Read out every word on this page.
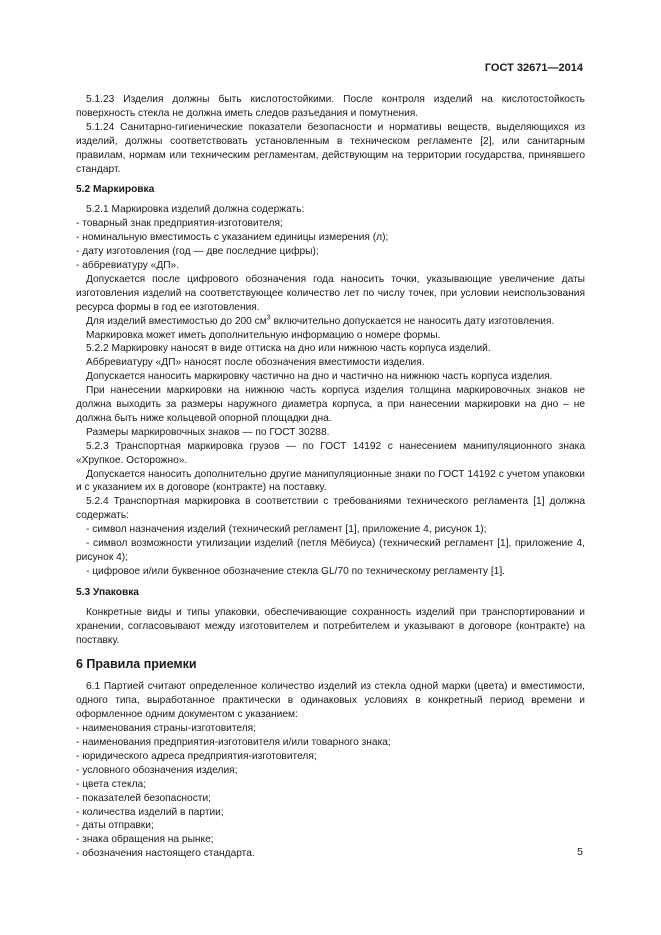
ГОСТ 32671—2014

5.1.23 Изделия должны быть кислотостойкими. После контроля изделий на кислотостойкость поверхность стекла не должна иметь следов разъедания и помутнения.

5.1.24 Санитарно-гигиенические показатели безопасности и нормативы веществ, выделяющихся из изделий, должны соответствовать установленным в техническом регламенте [2], или санитарным правилам, нормам или техническим регламентам, действующим на территории государства, принявшего стандарт.

5.2 Маркировка

5.2.1 Маркировка изделий должна содержать:

- товарный знак предприятия-изготовителя;

- номинальную вместимость с указанием единицы измерения (л);

- дату изготовления (год — две последние цифры);

- аббревиатуру «ДП».

Допускается после цифрового обозначения года наносить точки, указывающие увеличение даты изготовления изделий на соответствующее количество лет по числу точек, при условии неиспользования ресурса формы в год ее изготовления.

Для изделий вместимостью до 200 $см^3$ включительно допускается не наносить дату изготовления.

Маркировка может иметь дополнительную информацию о номере формы.

5.2.2 Маркировку наносят в виде оттиска на дно или нижнюю часть корпуса изделий.

Аббревиатуру «ДП» наносят после обозначения вместимости изделия.

Допускается наносить маркировку частично на дно и частично на нижнюю часть корпуса изделия.

При нанесении маркировки на нижнюю часть корпуса изделия толщина маркировочных знаков не должна выходить за размеры наружного диаметра корпуса, а при нанесении маркировки на дно – не должна быть ниже кольцевой опорной площадки дна.

Размеры маркировочных знаков — по ГОСТ 30288.

5.2.3 Транспортная маркировка грузов — по ГОСТ 14192 с нанесением манипуляционного знака «Хрупкое. Осторожно».

Допускается наносить дополнительно другие манипуляционные знаки по ГОСТ 14192 с учетом упаковки и с указанием их в договоре (контракте) на поставку.

5.2.4 Транспортная маркировка в соответствии с требованиями технического регламента [1] должна содержать:

- символ назначения изделий (технический регламент [1], приложение 4, рисунок 1);

- символ возможности утилизации изделий (петля Мёбиуса) (технический регламент [1], приложение 4, рисунок 4);

- цифровое и/или буквенное обозначение стекла GL/70 по техническому регламенту [1].

5.3 Упаковка

Конкретные виды и типы упаковки, обеспечивающие сохранность изделий при транспортировании и хранении, согласовывают между изготовителем и потребителем и указывают в договоре (контракте) на поставку.

6 Правила приемки

6.1 Партией считают определенное количество изделий из стекла одной марки (цвета) и вместимости, одного типа, выработанное практически в одинаковых условиях в конкретный период времени и оформленное одним документом с указанием:

- наименования страны-изготовителя;

- наименования предприятия-изготовителя и/или товарного знака;

- юридического адреса предприятия-изготовителя;

- условного обозначения изделия;

- цвета стекла;

- показателей безопасности;

- количества изделий в партии;

- даты отправки;

- знака обращения на рынке;

- обозначения настоящего стандарта.	5
